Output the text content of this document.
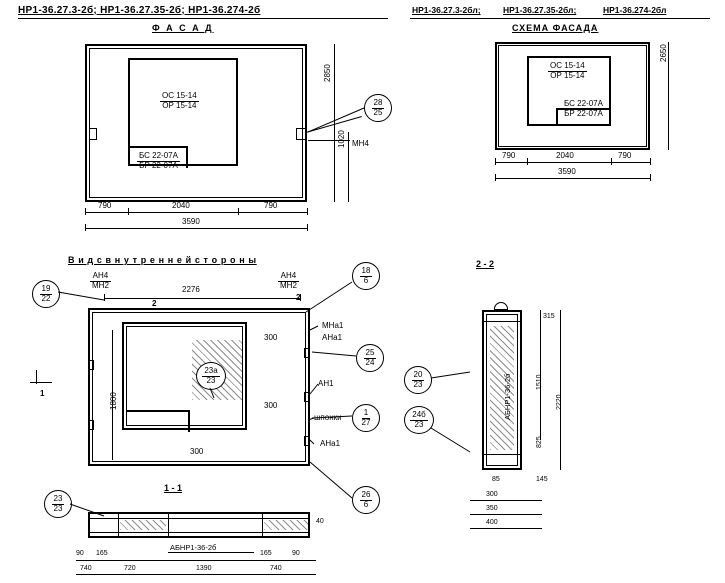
НР1-36.27.3-2б; НР1-36.27.35-2б; НР1-36.274-2б	НР1-36.27.3-2бл;	НР1-36.27.35-2бл;	НР1-36.274-2бл
Ф А С А Д
ОС 15-14
ОР 15-14
БС 22-07А
БР 22-07А
790	2040	790
3590
2850
28
25
МН4
СХЕМА ФАСАДА
ОС 15-14
ОР 15-14
БС 22-07А
БР 22-07А
790	2040	790
3590
2650
В и д с в н у т р е н н е й с т о р о н ы
2276
1800
300
300
300
АН4
МН2
АН4
МН2
2
2
1
МНа1
АНа1
АН1
шпонки
АНа1
19
22
18
6
25
24
23а
23
1
27
26
6
23
23
1 - 1
АБНР1-36-2б
40
90 165	165	90
740	720	1390	740
2 - 2
АБНР1-36-2б
315
1510
2220
825
145
85
300
350
400
20
23
24б
23
